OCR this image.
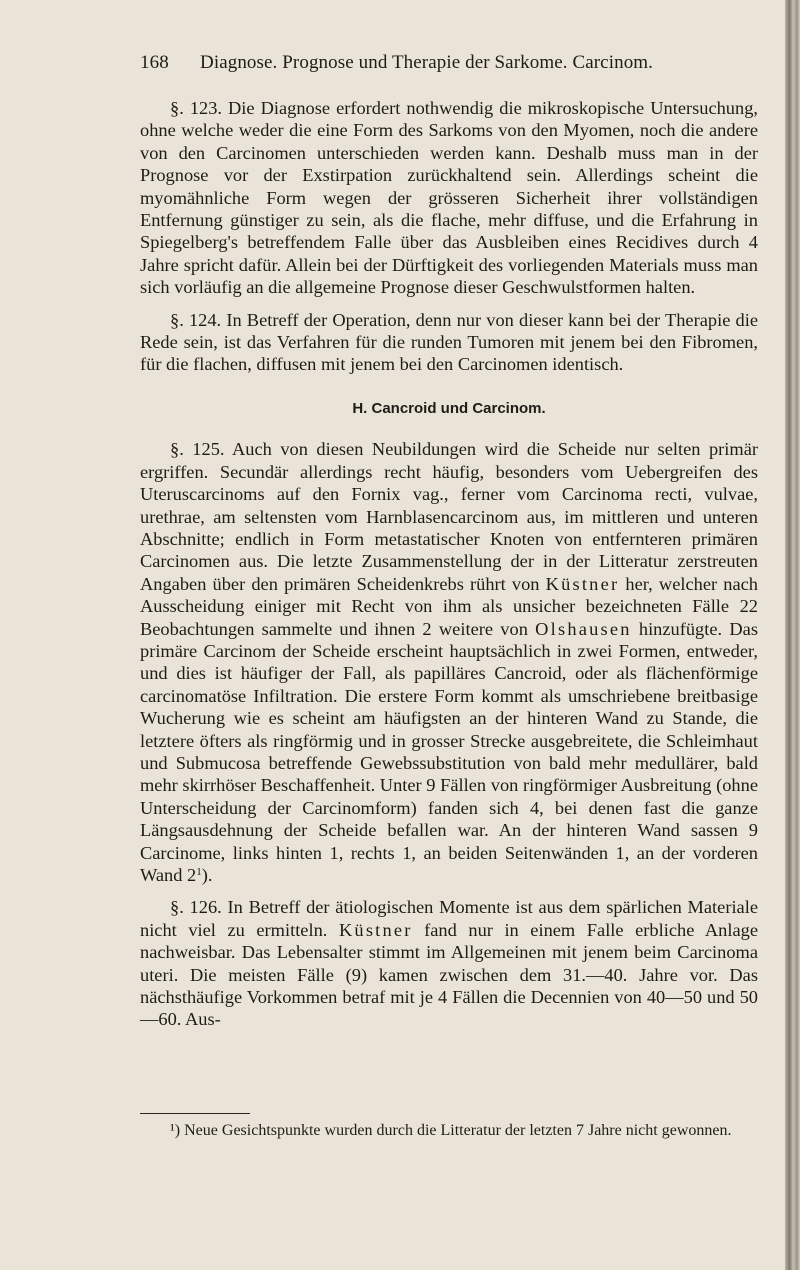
168 Diagnose. Prognose und Therapie der Sarkome. Carcinom.

§. 123. Die Diagnose erfordert nothwendig die mikroskopische Untersuchung, ohne welche weder die eine Form des Sarkoms von den Myomen, noch die andere von den Carcinomen unterschieden werden kann. Deshalb muss man in der Prognose vor der Exstirpation zurückhaltend sein. Allerdings scheint die myomähnliche Form wegen der grösseren Sicherheit ihrer vollständigen Entfernung günstiger zu sein, als die flache, mehr diffuse, und die Erfahrung in Spiegelberg's betreffendem Falle über das Ausbleiben eines Recidives durch 4 Jahre spricht dafür. Allein bei der Dürftigkeit des vorliegenden Materials muss man sich vorläufig an die allgemeine Prognose dieser Geschwulstformen halten.

§. 124. In Betreff der Operation, denn nur von dieser kann bei der Therapie die Rede sein, ist das Verfahren für die runden Tumoren mit jenem bei den Fibromen, für die flachen, diffusen mit jenem bei den Carcinomen identisch.

H. Cancroid und Carcinom.

§. 125. Auch von diesen Neubildungen wird die Scheide nur selten primär ergriffen. Secundär allerdings recht häufig, besonders vom Uebergreifen des Uteruscarcinoms auf den Fornix vag., ferner vom Carcinoma recti, vulvae, urethrae, am seltensten vom Harnblasencarcinom aus, im mittleren und unteren Abschnitte; endlich in Form metastatischer Knoten von entfernteren primären Carcinomen aus. Die letzte Zusammenstellung der in der Litteratur zerstreuten Angaben über den primären Scheidenkrebs rührt von Küstner her, welcher nach Ausscheidung einiger mit Recht von ihm als unsicher bezeichneten Fälle 22 Beobachtungen sammelte und ihnen 2 weitere von Olshausen hinzufügte. Das primäre Carcinom der Scheide erscheint hauptsächlich in zwei Formen, entweder, und dies ist häufiger der Fall, als papilläres Cancroid, oder als flächenförmige carcinomatöse Infiltration. Die erstere Form kommt als umschriebene breitbasige Wucherung wie es scheint am häufigsten an der hinteren Wand zu Stande, die letztere öfters als ringförmig und in grosser Strecke ausgebreitete, die Schleimhaut und Submucosa betreffende Gewebssubstitution von bald mehr medullärer, bald mehr skirrhöser Beschaffenheit. Unter 9 Fällen von ringförmiger Ausbreitung (ohne Unterscheidung der Carcinomform) fanden sich 4, bei denen fast die ganze Längsausdehnung der Scheide befallen war. An der hinteren Wand sassen 9 Carcinome, links hinten 1, rechts 1, an beiden Seitenwänden 1, an der vorderen Wand $2^1$).

§. 126. In Betreff der ätiologischen Momente ist aus dem spärlichen Materiale nicht viel zu ermitteln. Küstner fand nur in einem Falle erbliche Anlage nachweisbar. Das Lebensalter stimmt im Allgemeinen mit jenem beim Carcinoma uteri. Die meisten Fälle (9) kamen zwischen dem 31.—40. Jahre vor. Das nächsthäufige Vorkommen betraf mit je 4 Fällen die Decennien von 40—50 und 50—60. Aus-

¹) Neue Gesichtspunkte wurden durch die Litteratur der letzten 7 Jahre nicht gewonnen.
